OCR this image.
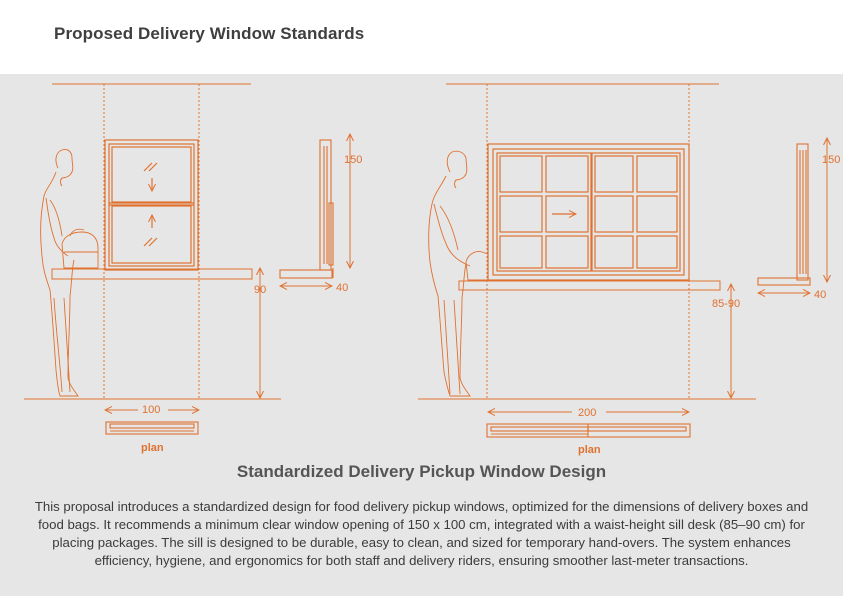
Proposed Delivery Window Standards
150
40
90
100
plan
150
40
85-90
200
plan
Standardized Delivery Pickup Window Design
This proposal introduces a standardized design for food delivery pickup windows, optimized for the dimensions of delivery boxes and food bags. It recommends a minimum clear window opening of 150 x 100 cm, integrated with a waist-height sill desk (85–90 cm) for placing packages. The sill is designed to be durable, easy to clean, and sized for temporary hand-overs. The system enhances efficiency, hygiene, and ergonomics for both staff and delivery riders, ensuring smoother last-meter transactions.
